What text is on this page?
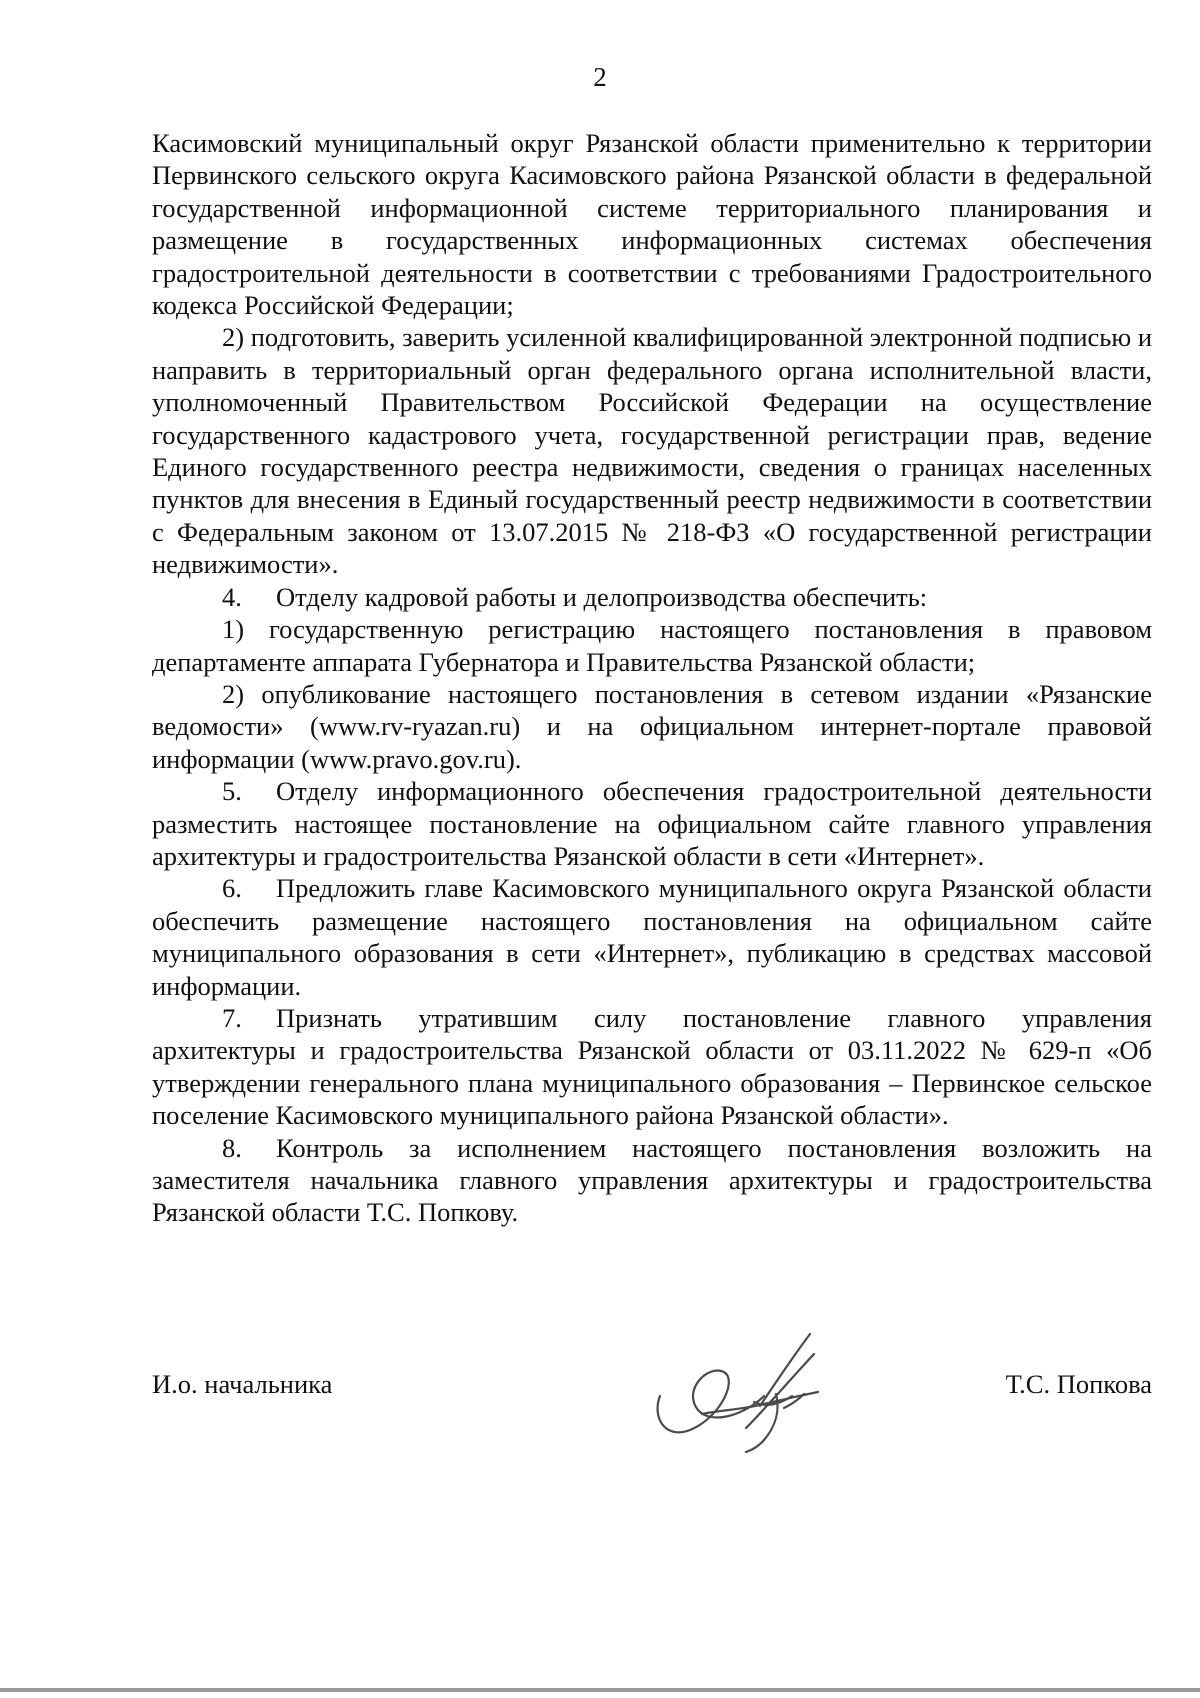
2

Касимовский муниципальный округ Рязанской области применительно к территории Первинского сельского округа Касимовского района Рязанской области в федеральной государственной информационной системе территориального планирования и размещение в государственных информационных системах обеспечения градостроительной деятельности в соответствии с требованиями Градостроительного кодекса Российской Федерации;

2) подготовить, заверить усиленной квалифицированной электронной подписью и направить в территориальный орган федерального органа исполнительной власти, уполномоченный Правительством Российской Федерации на осуществление государственного кадастрового учета, государственной регистрации прав, ведение Единого государственного реестра недвижимости, сведения о границах населенных пунктов для внесения в Единый государственный реестр недвижимости в соответствии с Федеральным законом от 13.07.2015 № 218-ФЗ «О государственной регистрации недвижимости».

4. Отделу кадровой работы и делопроизводства обеспечить:

1) государственную регистрацию настоящего постановления в правовом департаменте аппарата Губернатора и Правительства Рязанской области;

2) опубликование настоящего постановления в сетевом издании «Рязанские ведомости» (www.rv-ryazan.ru) и на официальном интернет-портале правовой информации (www.pravo.gov.ru).

5. Отделу информационного обеспечения градостроительной деятельности разместить настоящее постановление на официальном сайте главного управления архитектуры и градостроительства Рязанской области в сети «Интернет».

6. Предложить главе Касимовского муниципального округа Рязанской области обеспечить размещение настоящего постановления на официальном сайте муниципального образования в сети «Интернет», публикацию в средствах массовой информации.

7. Признать утратившим силу постановление главного управления архитектуры и градостроительства Рязанской области от 03.11.2022 № 629-п «Об утверждении генерального плана муниципального образования – Первинское сельское поселение Касимовского муниципального района Рязанской области».

8. Контроль за исполнением настоящего постановления возложить на заместителя начальника главного управления архитектуры и градостроительства Рязанской области Т.С. Попкову.

И.о. начальника	Т.С. Попкова
